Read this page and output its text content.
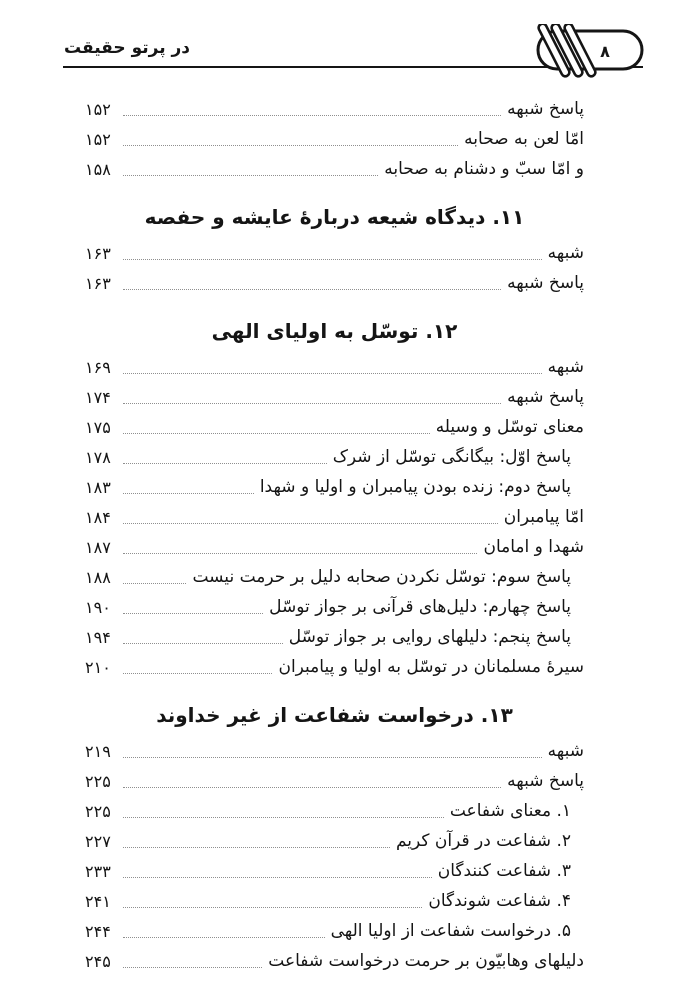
در پرتو حقیقت	۸
پاسخ شبهه
۱۵۲
امّا لعن به صحابه
۱۵۲
و امّا سبّ و دشنام به صحابه
۱۵۸
۱۱. دیدگاه شیعه دربارهٔ عایشه و حفصه
شبهه
۱۶۳
پاسخ شبهه
۱۶۳
۱۲. توسّل به اولیای الهی
شبهه
۱۶۹
پاسخ شبهه
۱۷۴
معنای توسّل و وسیله
۱۷۵
پاسخ اوّل: بیگانگی توسّل از شرک
۱۷۸
پاسخ دوم: زنده بودن پیامبران و اولیا و شهدا
۱۸۳
امّا پیامبران
۱۸۴
شهدا و امامان
۱۸۷
پاسخ سوم: توسّل نکردن صحابه دلیل بر حرمت نیست
۱۸۸
پاسخ چهارم: دلیل‌های قرآنی بر جواز توسّل
۱۹۰
پاسخ پنجم: دلیلهای روایی بر جواز توسّل
۱۹۴
سیرهٔ مسلمانان در توسّل به اولیا و پیامبران
۲۱۰
۱۳. درخواست شفاعت از غیر خداوند
شبهه
۲۱۹
پاسخ شبهه
۲۲۵
۱. معنای شفاعت
۲۲۵
۲. شفاعت در قرآن کریم
۲۲۷
۳. شفاعت کنندگان
۲۳۳
۴. شفاعت شوندگان
۲۴۱
۵. درخواست شفاعت از اولیا الهی
۲۴۴
دلیلهای وهابیّون بر حرمت درخواست شفاعت
۲۴۵
